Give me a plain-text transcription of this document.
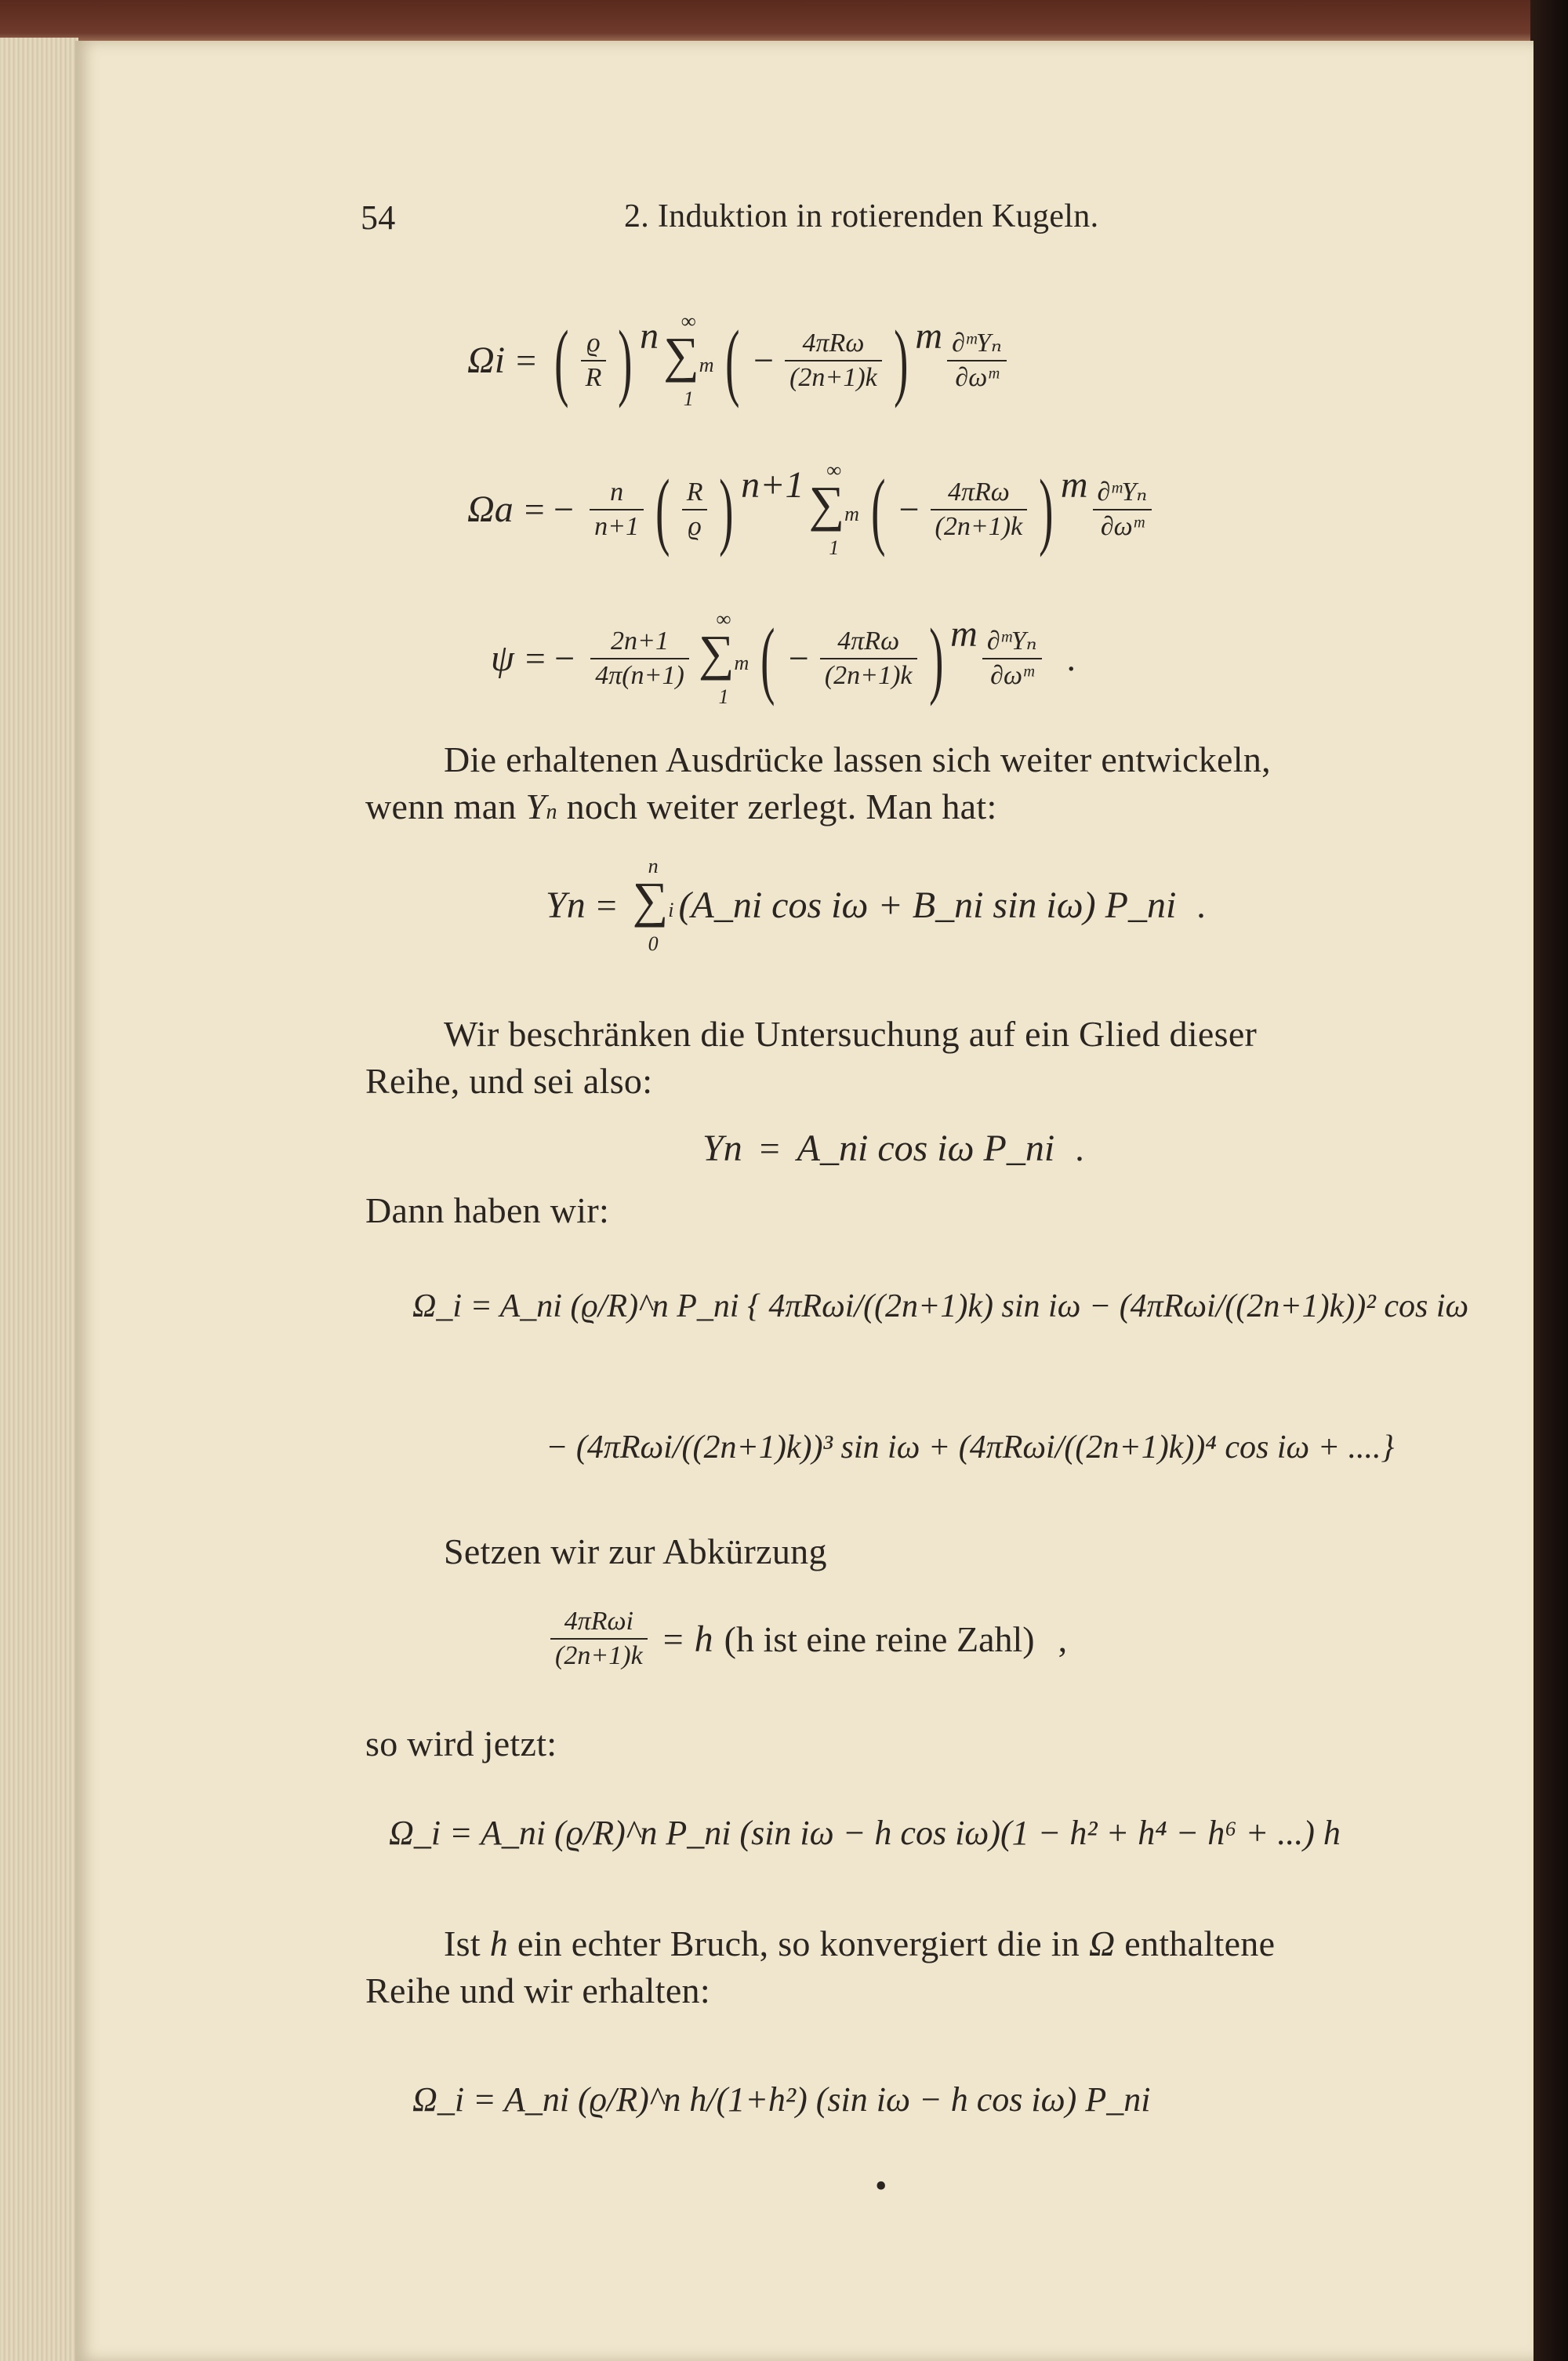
54	2. Induktion in rotierenden Kugeln.
Ω i = ( $\frac{ϱ}{R}$ ) n ∞
∑m
1 ( − $\frac{\text{4πRω}}{(2n+1)k}$ ) m $\frac{\text{∂ᵐYₙ}}{\text{∂ωᵐ}}$
Ω a = − $\frac{n}{n+1}$ ( $\frac{R}{ϱ}$ ) n+1 ∞
∑m
1 ( − $\frac{\text{4πRω}}{(2n+1)k}$ ) m $\frac{\text{∂ᵐYₙ}}{\text{∂ωᵐ}}$
ψ = − $\frac{2n+1}{4\pi(n+1)}$
∞
∑m
1 ( − $\frac{\text{4πRω}}{(2n+1)k}$ ) m $\frac{\text{∂ᵐYₙ}}{\text{∂ωᵐ}}$ .
Die erhaltenen Ausdrücke lassen sich weiter entwickeln,
wenn man Yn noch weiter zerlegt. Man hat:
Y n =
n
∑i
0
(A_ni cos iω + B_ni sin iω) P_ni .
Wir beschränken die Untersuchung auf ein Glied dieser
Reihe, und sei also:
Y n = A_ni cos iω P_ni .
Dann haben wir:
Ω_i = A_ni (ϱ/R)^n P_ni { 4πRωi/((2n+1)k) sin iω − (4πRωi/((2n+1)k))² cos iω
− (4πRωi/((2n+1)k))³ sin iω + (4πRωi/((2n+1)k))⁴ cos iω + ....}
Setzen wir zur Abkürzung
$\frac{\text{4πRωi}}{(2n+1)k} = h$ (h ist eine reine Zahl) ,
so wird jetzt:
Ω_i = A_ni (ϱ/R)^n P_ni (sin iω − h cos iω)(1 − h² + h⁴ − h⁶ + ...) h
Ist h ein echter Bruch, so konvergiert die in Ω enthaltene
Reihe und wir erhalten:
Ω_i = A_ni (ϱ/R)^n h/(1+h²) (sin iω − h cos iω) P_ni
•
